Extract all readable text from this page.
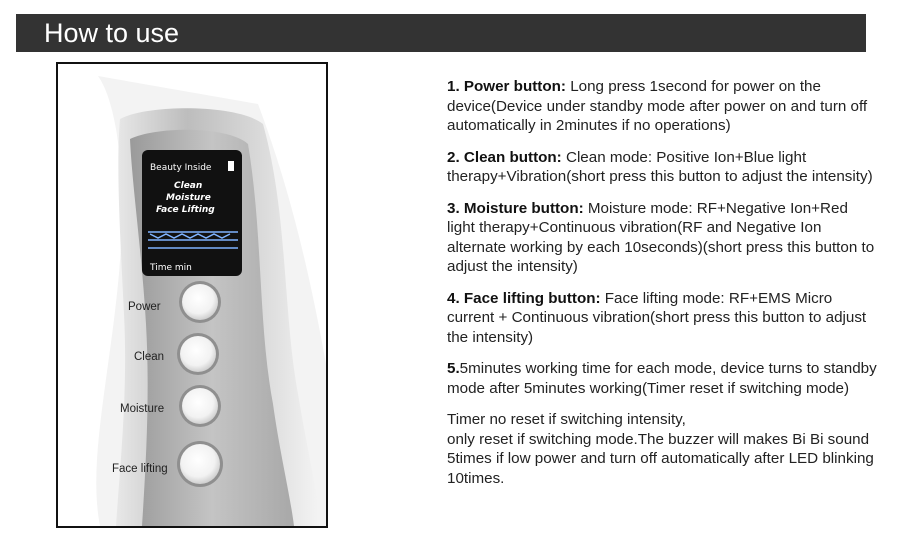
How to use
Beauty Inside
Clean
Moisture
Face Lifting
Time min
Power
Clean
Moisture
Face lifting
1. Power button: Long press 1second for power on the device(Device under standby mode after power on and turn off automatically in 2minutes if no operations)
2. Clean button: Clean mode: Positive Ion+Blue light therapy+Vibration(short press this button to adjust the intensity)
3. Moisture button: Moisture mode: RF+Negative Ion+Red light therapy+Continuous vibration(RF and Negative Ion alternate working by each 10seconds)(short press this button to adjust the intensity)
4. Face lifting button: Face lifting mode: RF+EMS Micro current + Continuous vibration(short press this button to adjust the intensity)
5.5minutes working time for each mode, device turns to standby mode after 5minutes working(Timer reset if switching mode)
Timer no reset if switching intensity,
only reset if switching mode.The buzzer will makes Bi Bi sound 5times if low power and turn off automatically after LED blinking 10times.
